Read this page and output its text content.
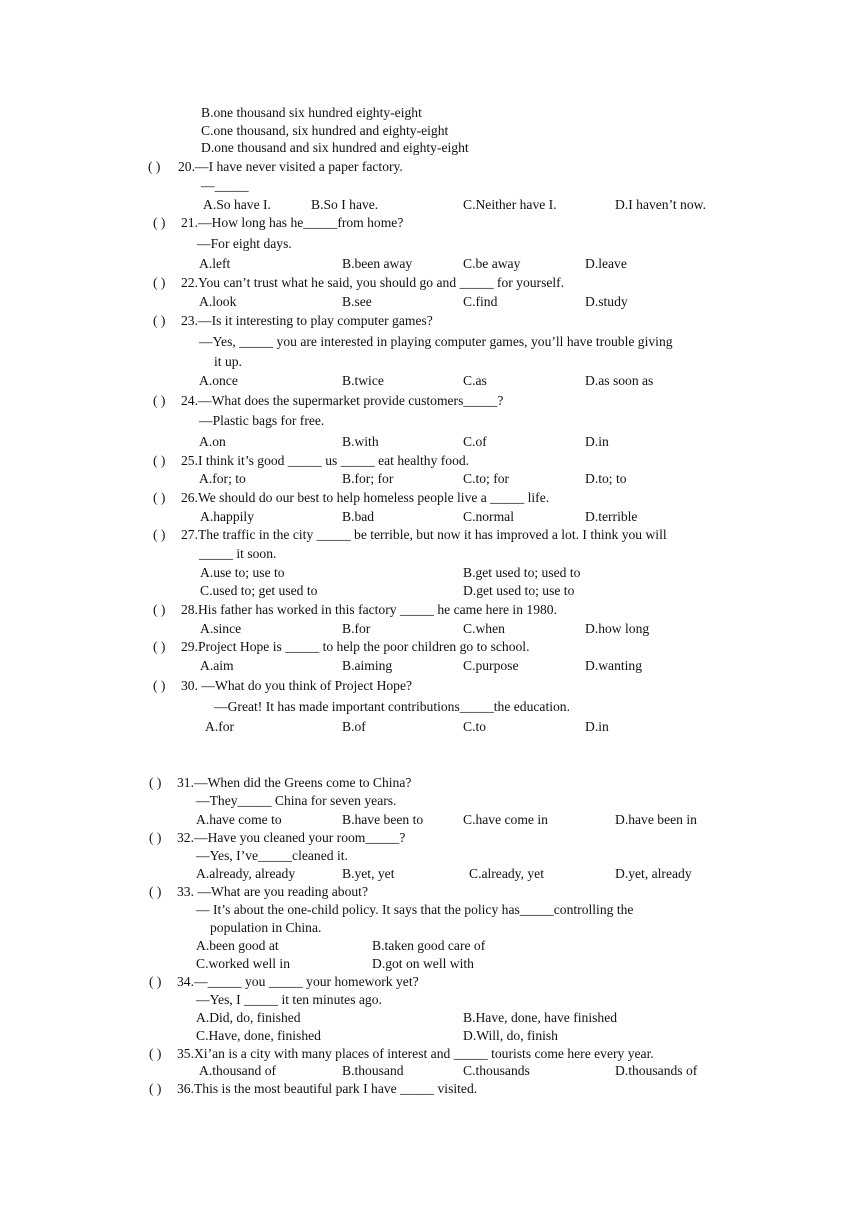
B.one thousand six hundred eighty-eight
C.one thousand, six hundred and eighty-eight
D.one thousand and six hundred and eighty-eight
( ) 20.—I have never visited a paper factory.
—_____
A.So have I.	B.So I have.	C.Neither have I.	D.I haven’t now.
( ) 21.—How long has he_____from home?
—For eight days.
A.left	B.been away	C.be away	D.leave
( ) 22.You can’t trust what he said, you should go and _____ for yourself.
A.look	B.see	C.find	D.study
( ) 23.—Is it interesting to play computer games?
—Yes, _____ you are interested in playing computer games, you’ll have trouble giving
it up.
A.once	B.twice	C.as	D.as soon as
( ) 24.—What does the supermarket provide customers_____?
—Plastic bags for free.
A.on	B.with	C.of	D.in
( ) 25.I think it’s good _____ us _____ eat healthy food.
A.for; to	B.for; for	C.to; for	D.to; to
( ) 26.We should do our best to help homeless people live a _____ life.
A.happily	B.bad	C.normal	D.terrible
( ) 27.The traffic in the city _____ be terrible, but now it has improved a lot. I think you will
_____ it soon.
A.use to; use to	B.get used to; used to
C.used to; get used to	D.get used to; use to
( ) 28.His father has worked in this factory _____ he came here in 1980.
A.since	B.for	C.when	D.how long
( ) 29.Project Hope is _____ to help the poor children go to school.
A.aim	B.aiming	C.purpose	D.wanting
( ) 30. —What do you think of Project Hope?
—Great! It has made important contributions_____the education.
A.for	B.of	C.to	D.in
( ) 31.—When did the Greens come to China?
—They_____ China for seven years.
A.have come to	B.have been to	C.have come in	D.have been in
( ) 32.—Have you cleaned your room_____?
—Yes, I’ve_____cleaned it.
A.already, already	B.yet, yet	C.already, yet	D.yet, already
( ) 33. —What are you reading about?
— It’s about the one-child policy. It says that the policy has_____controlling the
population in China.
A.been good at	B.taken good care of
C.worked well in	D.got on well with
( ) 34.—_____ you _____ your homework yet?
—Yes, I _____ it ten minutes ago.
A.Did, do, finished	B.Have, done, have finished
C.Have, done, finished	D.Will, do, finish
( ) 35.Xi’an is a city with many places of interest and _____ tourists come here every year.
A.thousand of	B.thousand	C.thousands	D.thousands of
( ) 36.This is the most beautiful park I have _____ visited.
